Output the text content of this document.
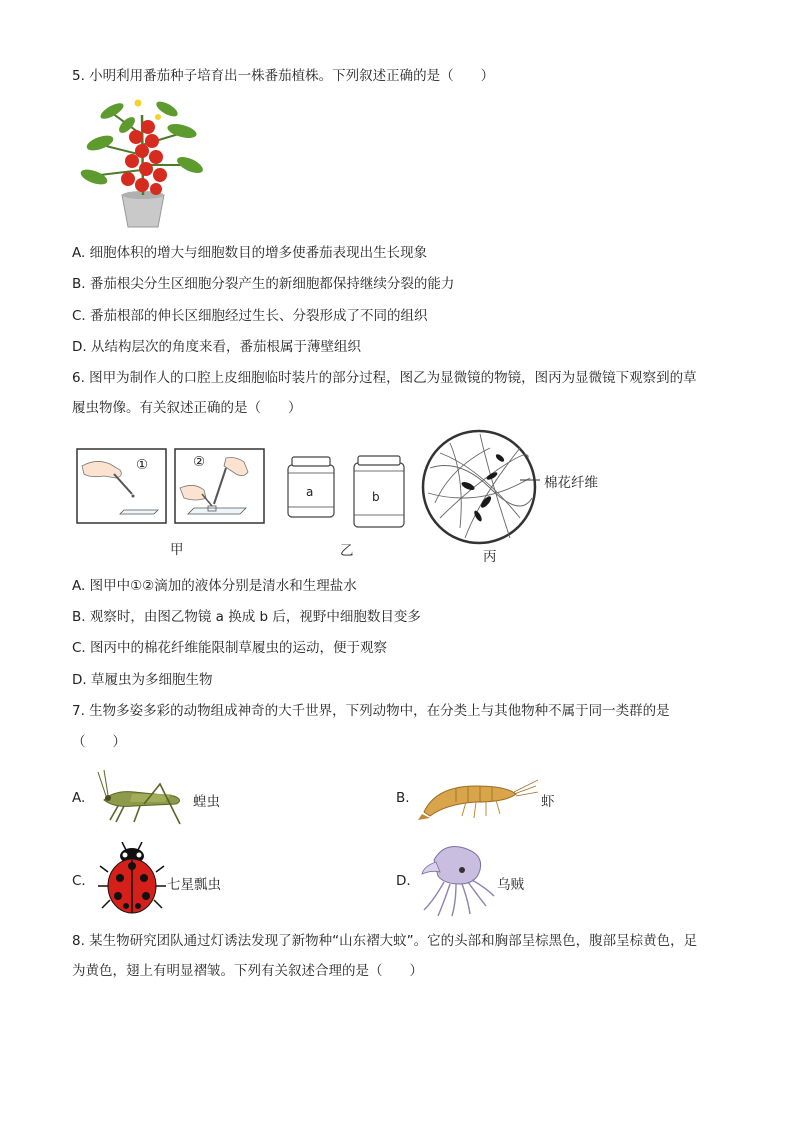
5. 小明利用番茄种子培育出一株番茄植株。下列叙述正确的是（　　）
A. 细胞体积的增大与细胞数目的增多使番茄表现出生长现象
B. 番茄根尖分生区细胞分裂产生的新细胞都保持继续分裂的能力
C. 番茄根部的伸长区细胞经过生长、分裂形成了不同的组织
D. 从结构层次的角度来看，番茄根属于薄壁组织
6. 图甲为制作人的口腔上皮细胞临时装片的部分过程，图乙为显微镜的物镜，图丙为显微镜下观察到的草
履虫物像。有关叙述正确的是（　　）
①	②
甲
a	b
乙
棉花纤维
丙
A. 图甲中①②滴加的液体分别是清水和生理盐水
B. 观察时，由图乙物镜 a 换成 b 后，视野中细胞数目变多
C. 图丙中的棉花纤维能限制草履虫的运动，便于观察
D. 草履虫为多细胞生物
7. 生物多姿多彩的动物组成神奇的大千世界，下列动物中，在分类上与其他物种不属于同一类群的是
（　　）
A.	蝗虫	B.	虾
C.	七星瓢虫	D.	乌贼
8. 某生物研究团队通过灯诱法发现了新物种“山东褶大蚊”。它的头部和胸部呈棕黑色，腹部呈棕黄色，足
为黄色，翅上有明显褶皱。下列有关叙述合理的是（　　）
